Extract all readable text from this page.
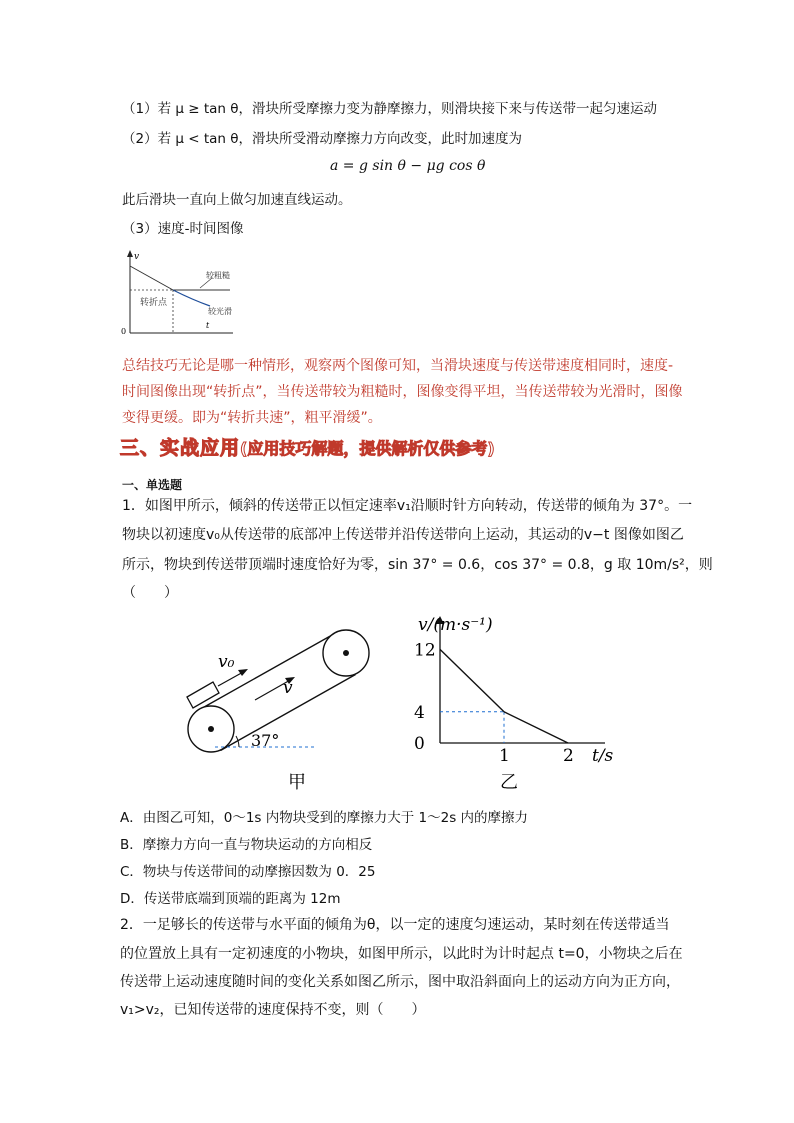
（1）若 μ ≥ tan θ，滑块所受摩擦力变为静摩擦力，则滑块接下来与传送带一起匀速运动
（2）若 μ < tan θ，滑块所受滑动摩擦力方向改变，此时加速度为
a = g sin θ − μg cos θ
此后滑块一直向上做匀加速直线运动。
（3）速度-时间图像
v
0
较粗糙
转折点
较光滑
t
总结技巧无论是哪一种情形，观察两个图像可知，当滑块速度与传送带速度相同时，速度-
时间图像出现“转折点”，当传送带较为粗糙时，图像变得平坦，当传送带较为光滑时，图像
变得更缓。即为“转折共速”，粗平滑缓”。
三、实战应用(应用技巧解题，提供解析仅供参考)
一、单选题
1．如图甲所示，倾斜的传送带正以恒定速率v₁沿顺时针方向转动，传送带的倾角为 37°。一
物块以初速度v₀从传送带的底部冲上传送带并沿传送带向上运动，其运动的v−t 图像如图乙
所示，物块到传送带顶端时速度恰好为零，sin 37° = 0.6，cos 37° = 0.8，g 取 10m/s²，则
（　　）
v₀
v
37°
甲
v/(m·s⁻¹)
t/s
12
4
0
1	2
乙
A．由图乙可知，0～1s 内物块受到的摩擦力大于 1～2s 内的摩擦力
B．摩擦力方向一直与物块运动的方向相反
C．物块与传送带间的动摩擦因数为 0．25
D．传送带底端到顶端的距离为 12m
2．一足够长的传送带与水平面的倾角为θ，以一定的速度匀速运动，某时刻在传送带适当
的位置放上具有一定初速度的小物块，如图甲所示，以此时为计时起点 t=0，小物块之后在
传送带上运动速度随时间的变化关系如图乙所示，图中取沿斜面向上的运动方向为正方向，
v₁>v₂，已知传送带的速度保持不变，则（　　）
